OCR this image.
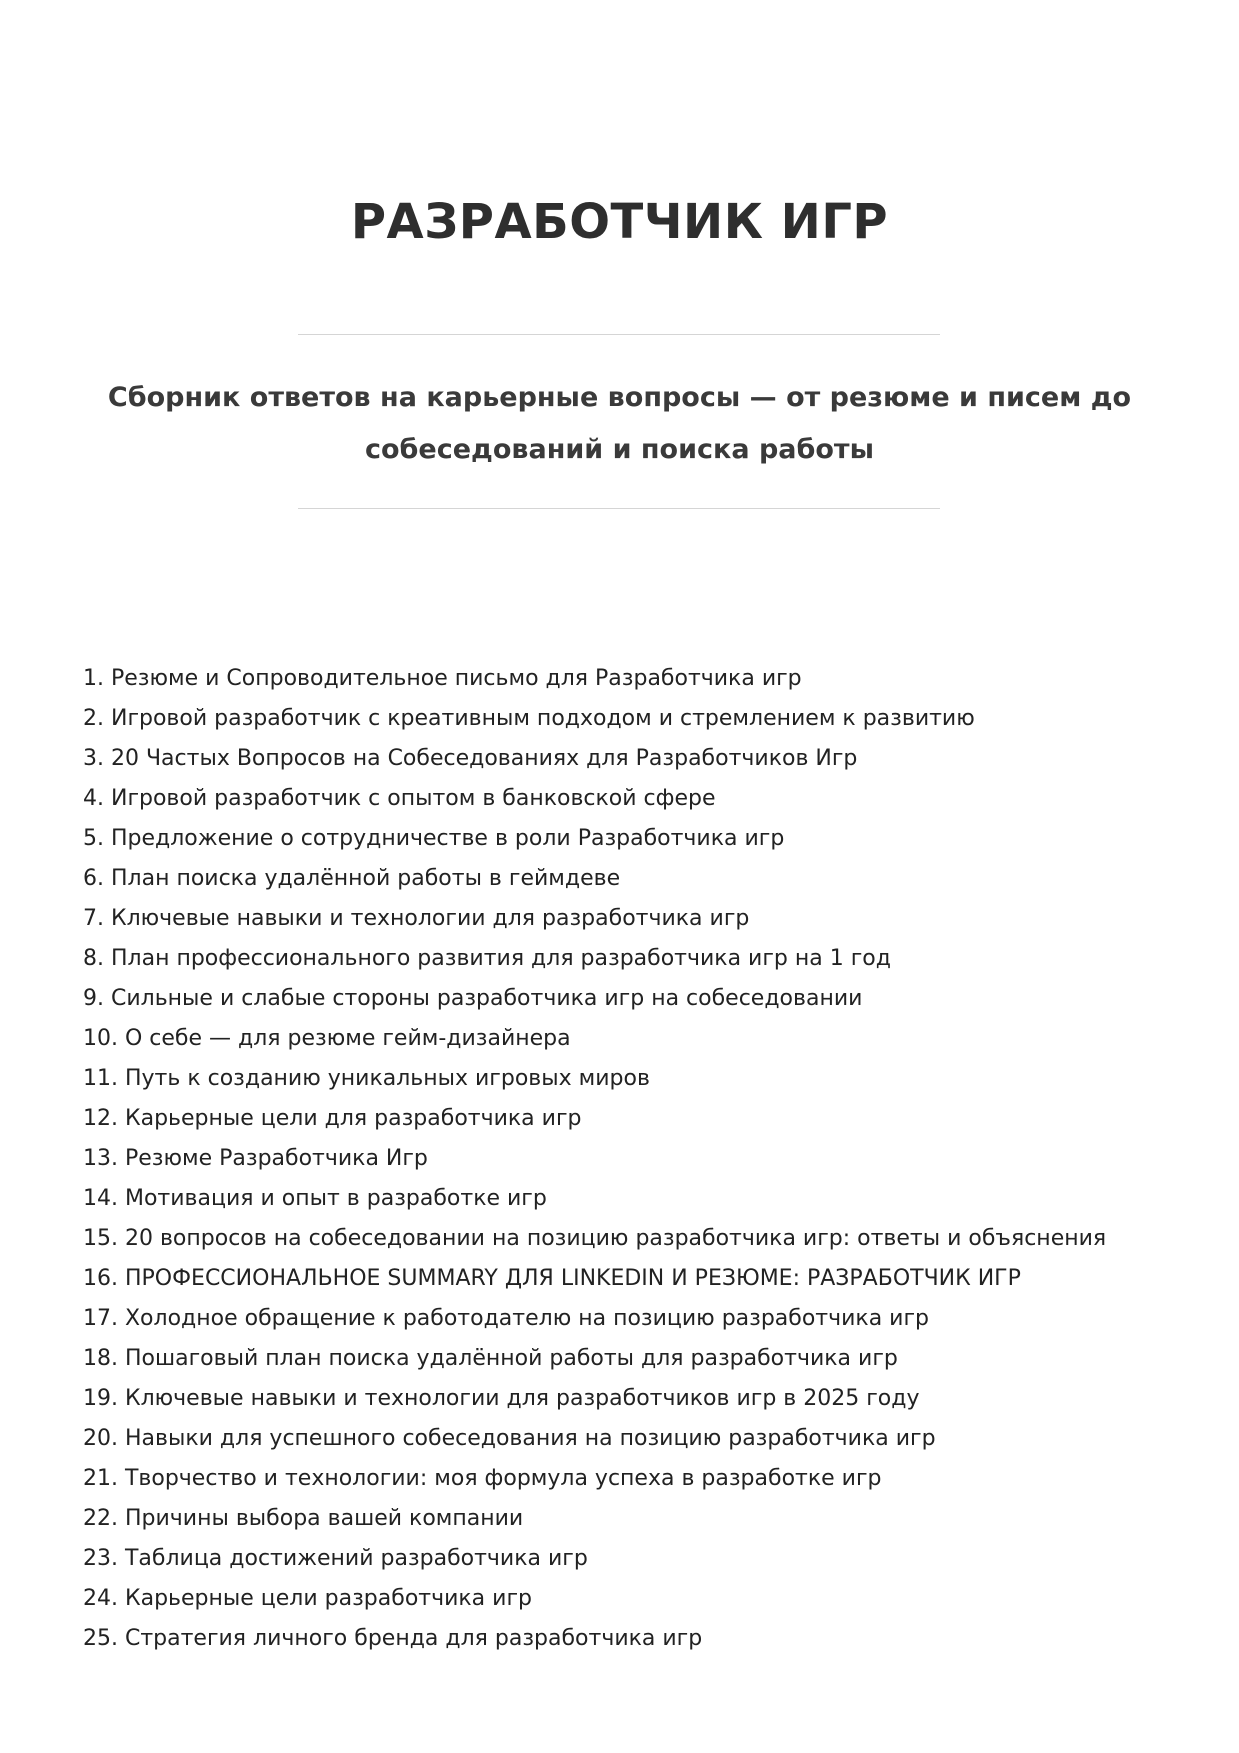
РАЗРАБОТЧИК ИГР
Сборник ответов на карьерные вопросы — от резюме и писем до собеседований и поиска работы
1. Резюме и Сопроводительное письмо для Разработчика игр
2. Игровой разработчик с креативным подходом и стремлением к развитию
3. 20 Частых Вопросов на Собеседованиях для Разработчиков Игр
4. Игровой разработчик с опытом в банковской сфере
5. Предложение о сотрудничестве в роли Разработчика игр
6. План поиска удалённой работы в геймдеве
7. Ключевые навыки и технологии для разработчика игр
8. План профессионального развития для разработчика игр на 1 год
9. Сильные и слабые стороны разработчика игр на собеседовании
10. О себе — для резюме гейм-дизайнера
11. Путь к созданию уникальных игровых миров
12. Карьерные цели для разработчика игр
13. Резюме Разработчика Игр
14. Мотивация и опыт в разработке игр
15. 20 вопросов на собеседовании на позицию разработчика игр: ответы и объяснения
16. ПРОФЕССИОНАЛЬНОЕ SUMMARY ДЛЯ LINKEDIN И РЕЗЮМЕ: РАЗРАБОТЧИК ИГР
17. Холодное обращение к работодателю на позицию разработчика игр
18. Пошаговый план поиска удалённой работы для разработчика игр
19. Ключевые навыки и технологии для разработчиков игр в 2025 году
20. Навыки для успешного собеседования на позицию разработчика игр
21. Творчество и технологии: моя формула успеха в разработке игр
22. Причины выбора вашей компании
23. Таблица достижений разработчика игр
24. Карьерные цели разработчика игр
25. Стратегия личного бренда для разработчика игр
